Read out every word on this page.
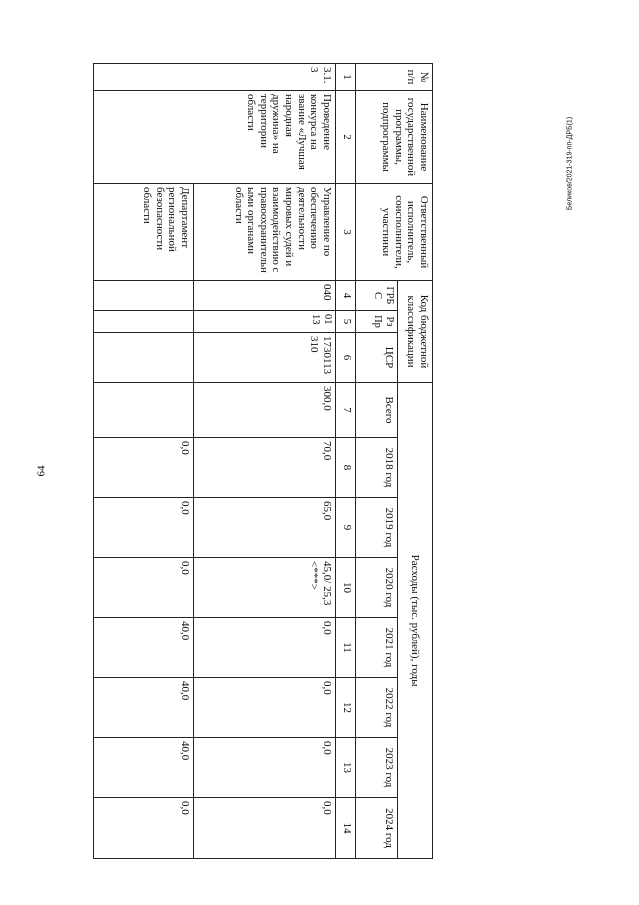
64
Беликов/2021-319-пп-ДРБ(1)
№ п/п	Наименование государственной программы, подпрограммы	Ответственный исполнитель, соисполнители, участники	Код бюджетной классификации			Расходы (тыс. рублей), годы							
			ГРБС	Рз Пр	ЦСР	Всего	2018 год	2019 год	2020 год	2021 год	2022 год	2023 год	2024 год
1	2	3	4	5	6	7	8	9	10	11	12	13	14
3.1.3	Проведение конкурса на звание «Лучшая народная дружина» на территории области	Управление по обеспечению деятельности мировых судей и взаимодействию с правоохранительными органами области	040	0113	1730113310	300,0	70,0	65,0	45,0/ 25,3 <***>	0,0	0,0	0,0	0,0
		Департамент региональной безопасности области					0,0	0,0	0,0	40,0	40,0	40,0	0,0
